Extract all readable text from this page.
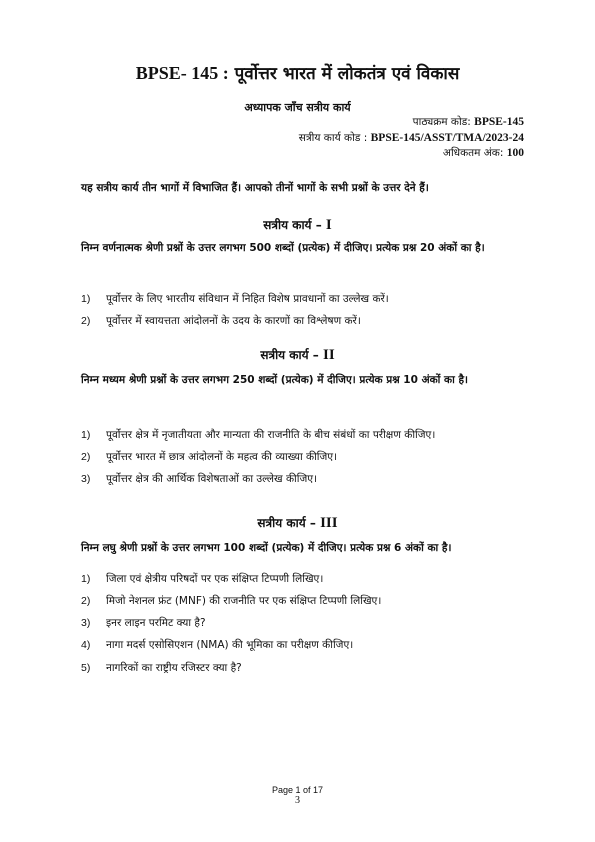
BPSE- 145 : पूर्वोत्तर भारत में लोकतंत्र एवं विकास
अध्यापक जाँच सत्रीय कार्य
पाठ्यक्रम कोड: BPSE-145
सत्रीय कार्य कोड : BPSE-145/ASST/TMA/2023-24
अधिकतम अंक: 100
यह सत्रीय कार्य तीन भागों में विभाजित हैं। आपको तीनों भागों के सभी प्रश्नों के उत्तर देने हैं।
सत्रीय कार्य – I
निम्न वर्णनात्मक श्रेणी प्रश्नों के उत्तर लगभग 500 शब्दों (प्रत्येक) में दीजिए। प्रत्येक प्रश्न 20 अंकों का है।
1) पूर्वोत्तर के लिए भारतीय संविधान में निहित विशेष प्रावधानों का उल्लेख करें।
2) पूर्वोत्तर में स्वायत्तता आंदोलनों के उदय के कारणों का विश्लेषण करें।
सत्रीय कार्य – II
निम्न मध्यम श्रेणी प्रश्नों के उत्तर लगभग 250 शब्दों (प्रत्येक) में दीजिए। प्रत्येक प्रश्न 10 अंकों का है।
1) पूर्वोत्तर क्षेत्र में नृजातीयता और मान्यता की राजनीति के बीच संबंधों का परीक्षण कीजिए।
2) पूर्वोत्तर भारत में छात्र आंदोलनों के महत्व की व्याख्या कीजिए।
3) पूर्वोत्तर क्षेत्र की आर्थिक विशेषताओं का उल्लेख कीजिए।
सत्रीय कार्य – III
निम्न लघु श्रेणी प्रश्नों के उत्तर लगभग 100 शब्दों (प्रत्येक) में दीजिए। प्रत्येक प्रश्न 6 अंकों का है।
1) जिला एवं क्षेत्रीय परिषदों पर एक संक्षिप्त टिप्पणी लिखिए।
2) मिजो नेशनल फ्रंट (MNF) की राजनीति पर एक संक्षिप्त टिप्पणी लिखिए।
3) इनर लाइन परमिट क्या है?
4) नागा मदर्स एसोसिएशन (NMA) की भूमिका का परीक्षण कीजिए।
5) नागरिकों का राष्ट्रीय रजिस्टर क्या है?
Page 1 of 17
3
